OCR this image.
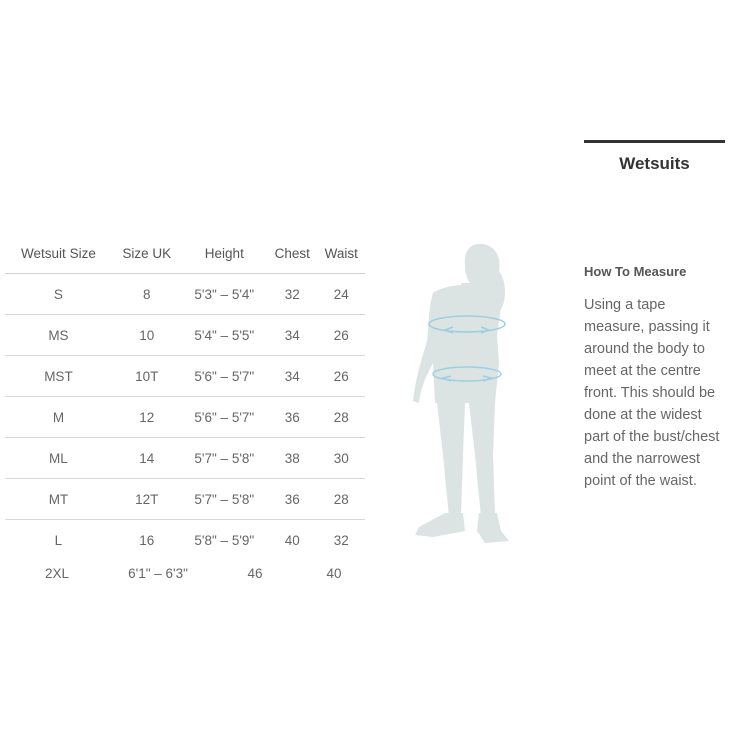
Wetsuit Size	Size UK	Height	Chest	Waist
S	8	5'3" – 5'4"	32	24
MS	10	5'4" – 5'5"	34	26
MST	10T	5'6" – 5'7"	34	26
M	12	5'6" – 5'7"	36	28
ML	14	5'7" – 5'8"	38	30
MT	12T	5'7" – 5'8"	36	28
L	16	5'8" – 5'9"	40	32
2XL	6'1" – 6'3"	46	40
Wetsuits
How To Measure
Using a tape measure, passing it around the body to meet at the centre front. This should be done at the widest part of the bust/chest and the narrowest point of the waist.
